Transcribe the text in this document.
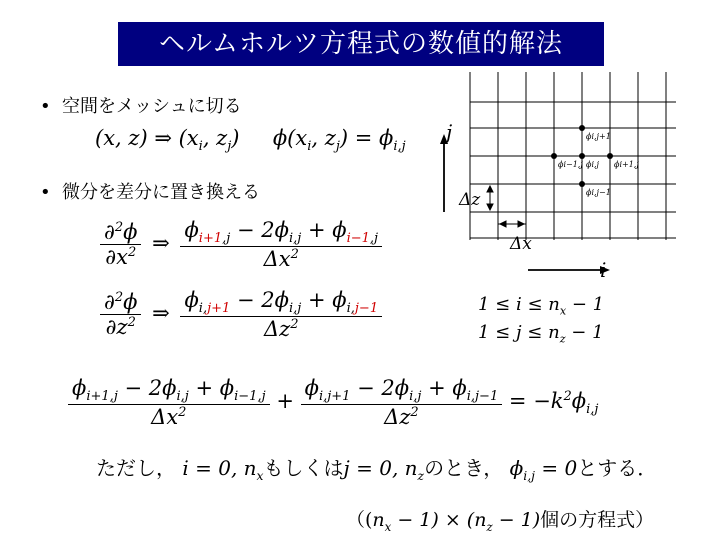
ヘルムホルツ方程式の数値的解法
• 空間をメッシュに切る
(x, z) ⇒ ($x_i$, $z_j$) $\phi(x_i$, $z_j) = \phi_{i,j}$
• 微分を差分に置き換える
$\frac{\partial^2\phi}{\partial x^2}$ ⇒ $\frac{\phi_{i+1,j} - 2\phi_{i,j} + \phi_{i-1,j}}{\Delta x^2}$
$\frac{\partial^2\phi}{\partial z^2}$ ⇒ $\frac{\phi_{i,j+1} - 2\phi_{i,j} + \phi_{i,j-1}}{\Delta z^2}$	$1 \le i \le n_x - 1$
$1 \le j \le n_z - 1$
$\frac{\phi_{i+1,j} - 2\phi_{i,j} + \phi_{i-1,j}}{\Delta x^2} + \frac{\phi_{i,j+1} - 2\phi_{i,j} + \phi_{i,j-1}}{\Delta z^2} = -k^2\phi_{i,j}$
ただし， i = 0, $n_x$もしくはj = 0, $n_z$のとき， $\phi_{i,j} = 0$とする．
（$(n_x - 1) \times (n_z - 1)$個の方程式）
j
Δz
Δx
ϕi,j+1
ϕi−1,j ϕi,j ϕi+1,j
ϕi,j−1
